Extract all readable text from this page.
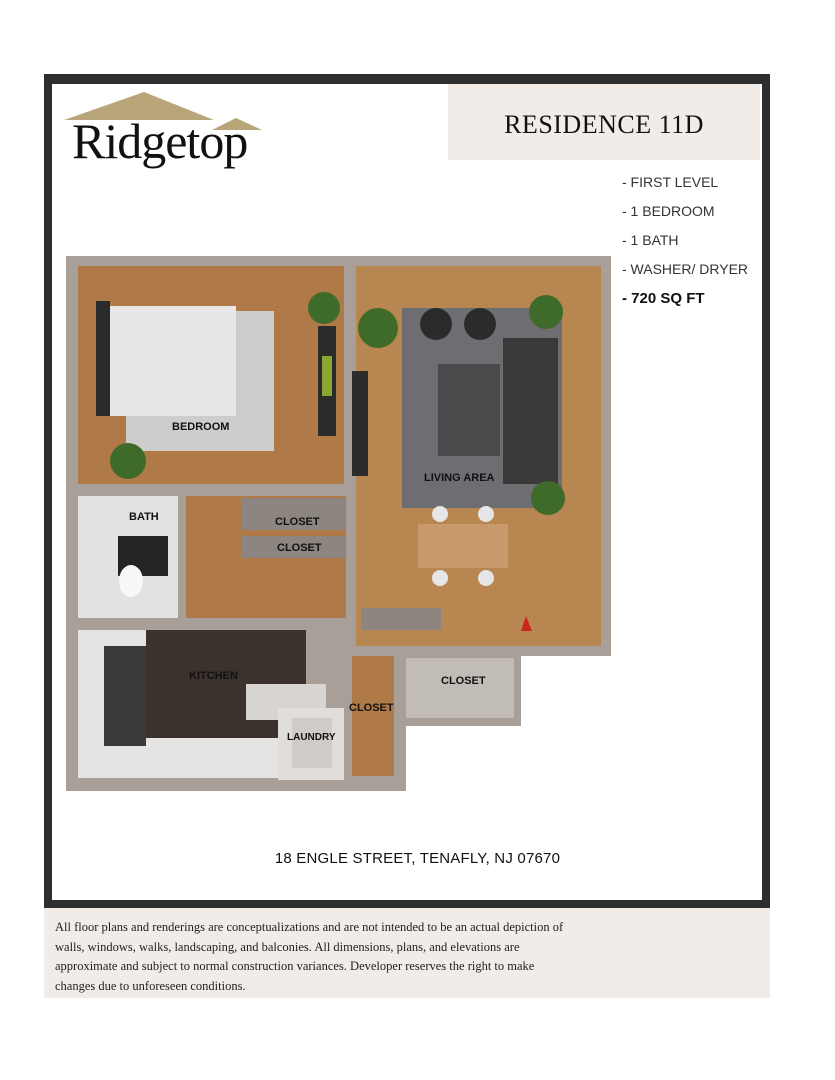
RESIDENCE 11D
Ridgetop
- FIRST LEVEL
- 1 BEDROOM
- 1 BATH
- WASHER/ DRYER
- 720 SQ FT
BEDROOM
BATH	CLOSET
CLOSET
LIVING AREA
KITCHEN	CLOSET
CLOSET
LAUNDRY
18 ENGLE STREET, TENAFLY, NJ 07670
All floor plans and renderings are conceptualizations and are not intended to be an actual depiction of walls, windows, walks, landscaping, and balconies. All dimensions, plans, and elevations are approximate and subject to normal construction variances. Developer reserves the right to make changes due to unforeseen conditions.
